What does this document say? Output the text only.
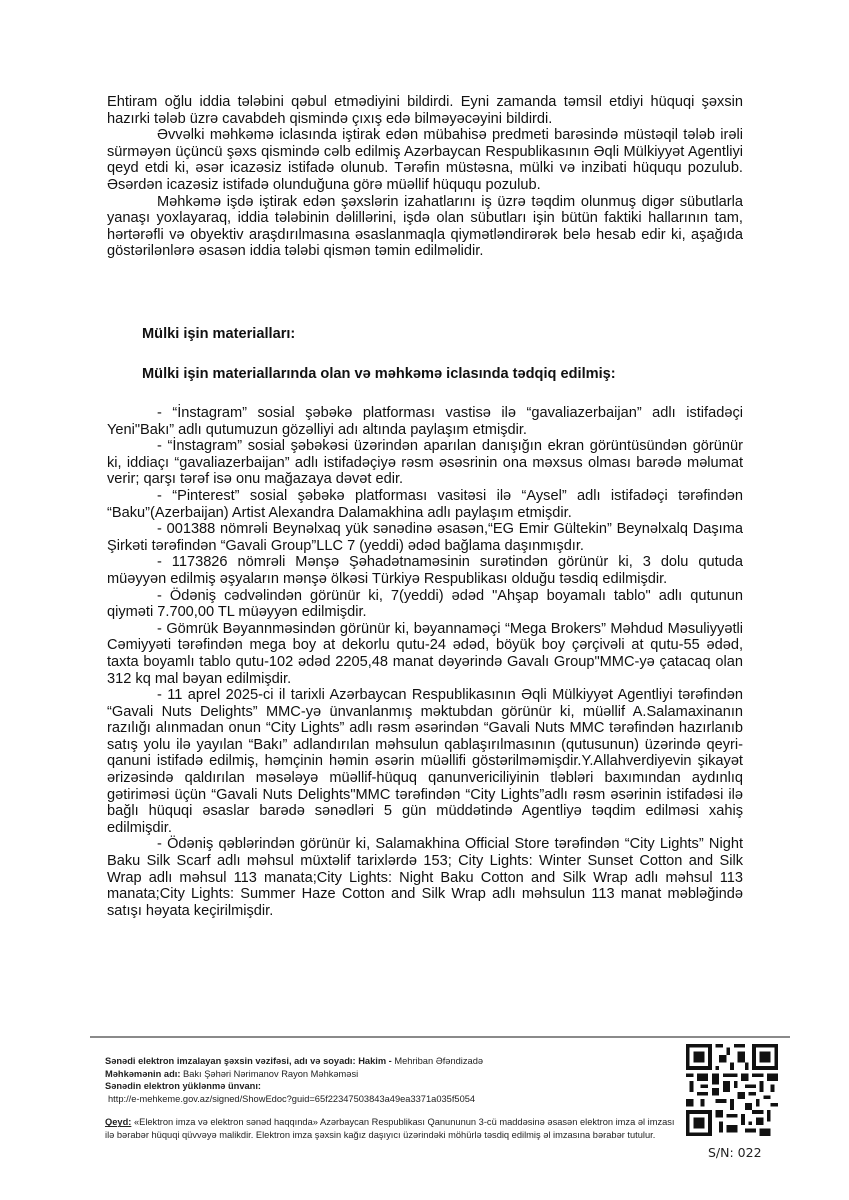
Ehtiram oğlu iddia tələbini qəbul etmədiyini bildirdi. Eyni zamanda təmsil etdiyi hüquqi şəxsin hazırki tələb üzrə cavabdeh qismində çıxış edə bilməyəcəyini bildirdi.

Əvvəlki məhkəmə iclasında iştirak edən mübahisə predmeti barəsində müstəqil tələb irəli sürməyən üçüncü şəxs qismində cəlb edilmiş Azərbaycan Respublikasının Əqli Mülkiyyət Agentliyi qeyd etdi ki, əsər icazəsiz istifadə olunub. Tərəfin müstəsna, mülki və inzibati hüququ pozulub. Əsərdən icazəsiz istifadə olunduğuna görə müəllif hüququ pozulub.

Məhkəmə işdə iştirak edən şəxslərin izahatlarını iş üzrə təqdim olunmuş digər sübutlarla yanaşı yoxlayaraq, iddia tələbinin dəlillərini, işdə olan sübutları işin bütün faktiki hallarının tam, hərtərəfli və obyektiv araşdırılmasına əsaslanmaqla qiymətləndirərək belə hesab edir ki, aşağıda göstərilənlərə əsasən iddia tələbi qismən təmin edilməlidir.

Mülki işin materialları:
Mülki işin materiallarında olan və məhkəmə iclasında tədqiq edilmiş:

- “İnstagram” sosial şəbəkə platforması vastisə ilə “gavaliazerbaijan” adlı istifadəçi Yeni"Bakı” adlı qutumuzun gözəlliyi adı altında paylaşım etmişdir.

- “İnstagram” sosial şəbəkəsi üzərindən aparılan danışığın ekran görüntüsündən görünür ki, iddiaçı “gavaliazerbaijan” adlı istifadəçiyə rəsm əsəsrinin ona məxsus olması barədə məlumat verir; qarşı tərəf isə onu mağazaya dəvət edir.

- “Pinterest” sosial şəbəkə platforması vasitəsi ilə “Aysel” adlı istifadəçi tərəfindən “Baku”(Azerbaijan) Artist Alexandra Dalamakhina adlı paylaşım etmişdir.

- 001388 nömrəli Beynəlxaq yük sənədinə əsasən,“EG Emir Gültekin” Beynəlxalq Daşıma Şirkəti tərəfindən “Gavali Group”LLC 7 (yeddi) ədəd bağlama daşınmışdır.

- 1173826 nömrəli Mənşə Şəhadətnaməsinin surətindən görünür ki, 3 dolu qutuda müəyyən edilmiş əşyaların mənşə ölkəsi Türkiyə Respublikası olduğu təsdiq edilmişdir.

- Ödəniş cədvəlindən görünür ki, 7(yeddi) ədəd "Ahşap boyamalı tablo" adlı qutunun qiyməti 7.700,00 TL müəyyən edilmişdir.

- Gömrük Bəyannməsindən görünür ki, bəyannaməçi “Mega Brokers” Məhdud Məsuliyyətli Cəmiyyəti tərəfindən mega boy at dekorlu qutu-24 ədəd, böyük boy çərçivəli at qutu-55 ədəd, taxta boyamlı tablo qutu-102 ədəd 2205,48 manat dəyərində Gavalı Group"MMC-yə çatacaq olan 312 kq mal bəyan edilmişdir.

- 11 aprel 2025-ci il tarixli Azərbaycan Respublikasının Əqli Mülkiyyət Agentliyi tərəfindən “Gavali Nuts Delights” MMC-yə ünvanlanmış məktubdan görünür ki, müəllif A.Salamaxinanın razılığı alınmadan onun “City Lights” adlı rəsm əsərindən “Gavali Nuts MMC tərəfindən hazırlanıb satış yolu ilə yayılan “Bakı” adlandırılan məhsulun qablaşırılmasının (qutusunun) üzərində qeyri-qanuni istifadə edilmiş, həmçinin həmin əsərin müəllifi göstərilməmişdir.Y.Allahverdiyevin şikayət ərizəsində qaldırılan məsələyə müəllif-hüquq qanunvericiliyinin tləbləri baxımından aydınlıq gətiriməsi üçün “Gavali Nuts Delights"MMC tərəfindən “City Lights”adlı rəsm əsərinin istifadəsi ilə bağlı hüquqi əsaslar barədə sənədləri 5 gün müddətində Agentliyə təqdim edilməsi xahiş edilmişdir.

- Ödəniş qəblərindən görünür ki, Salamakhina Official Store tərəfindən “City Lights” Night Baku Silk Scarf adlı məhsul müxtəlif tarixlərdə 153; City Lights: Winter Sunset Cotton and Silk Wrap adlı məhsul 113 manata;City Lights: Night Baku Cotton and Silk Wrap adlı məhsul 113 manata;City Lights: Summer Haze Cotton and Silk Wrap adlı məhsulun 113 manat məbləğində satışı həyata keçirilmişdir.

Sənədi elektron imzalayan şəxsin vəzifəsi, adı və soyadı: Hakim - Mehriban Əfəndizadə
Məhkəmənin adı: Bakı Şəhəri Nərimanov Rayon Məhkəməsi
Sənədin elektron yüklənmə ünvanı:
http://e-mehkeme.gov.az/signed/ShowEdoc?guid=65f22347503843a49ea3371a035f5054
Qeyd: «Elektron imza və elektron sənəd haqqında» Azərbaycan Respublikası Qanununun 3-cü maddəsinə əsasən elektron imza əl imzası ilə bərabər hüquqi qüvvəyə malikdir. Elektron imza şəxsin kağız daşıyıcı üzərindəki möhürlə təsdiq edilmiş əl imzasına bərabər tutulur.
S/N: 022
